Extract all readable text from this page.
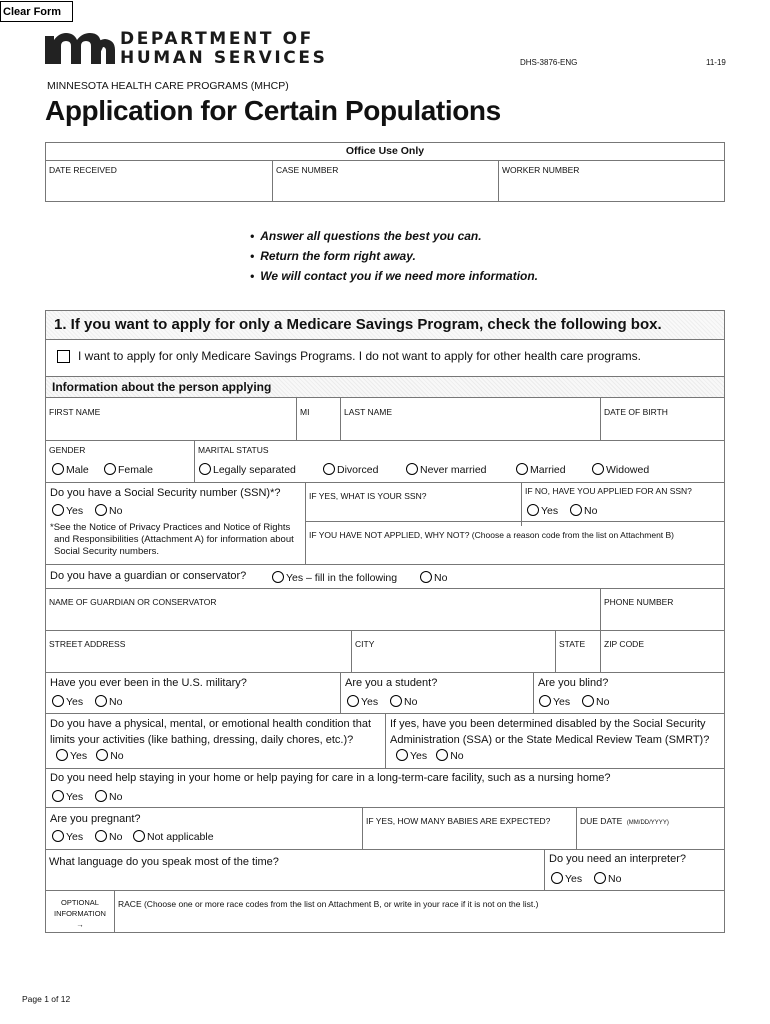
Clear Form
DEPARTMENT OF
HUMAN SERVICES	DHS-3876-ENG	11-19
MINNESOTA HEALTH CARE PROGRAMS (MHCP)
Application for Certain Populations
Office Use Only
DATE RECEIVED	CASE NUMBER	WORKER NUMBER
• Answer all questions the best you can.
• Return the form right away.
• We will contact you if we need more information.
1. If you want to apply for only a Medicare Savings Program, check the following box.
I want to apply for only Medicare Savings Programs. I do not want to apply for other health care programs.
Information about the person applying
FIRST NAME	MI	LAST NAME	DATE OF BIRTH
GENDER
Male	Female
MARITAL STATUS
Legally separated	Divorced	Never married	Married	Widowed
Do you have a Social Security number (SSN)*?
Yes	No
*See the Notice of Privacy Practices and Notice of Rights and Responsibilities (Attachment A) for information about Social Security numbers.
IF YES, WHAT IS YOUR SSN?	IF NO, HAVE YOU APPLIED FOR AN SSN?
Yes	No
IF YOU HAVE NOT APPLIED, WHY NOT? (Choose a reason code from the list on Attachment B)
Do you have a guardian or conservator?	Yes – fill in the following	No
NAME OF GUARDIAN OR CONSERVATOR	PHONE NUMBER
STREET ADDRESS	CITY	STATE	ZIP CODE
Have you ever been in the U.S. military?
Yes	No
Are you a student?
Yes	No
Are you blind?
Yes	No
Do you have a physical, mental, or emotional health condition that limits your activities (like bathing, dressing, daily chores, etc.)? Yes No
If yes, have you been determined disabled by the Social Security Administration (SSA) or the State Medical Review Team (SMRT)? Yes No
Do you need help staying in your home or help paying for care in a long-term-care facility, such as a nursing home?
Yes	No
Are you pregnant?
Yes	No	Not applicable
IF YES, HOW MANY BABIES ARE EXPECTED?	DUE DATE (MM/DD/YYYY)
What language do you speak most of the time?	Do you need an interpreter?
Yes	No
OPTIONAL INFORMATION
→
RACE (Choose one or more race codes from the list on Attachment B, or write in your race if it is not on the list.)
Page 1 of 12
